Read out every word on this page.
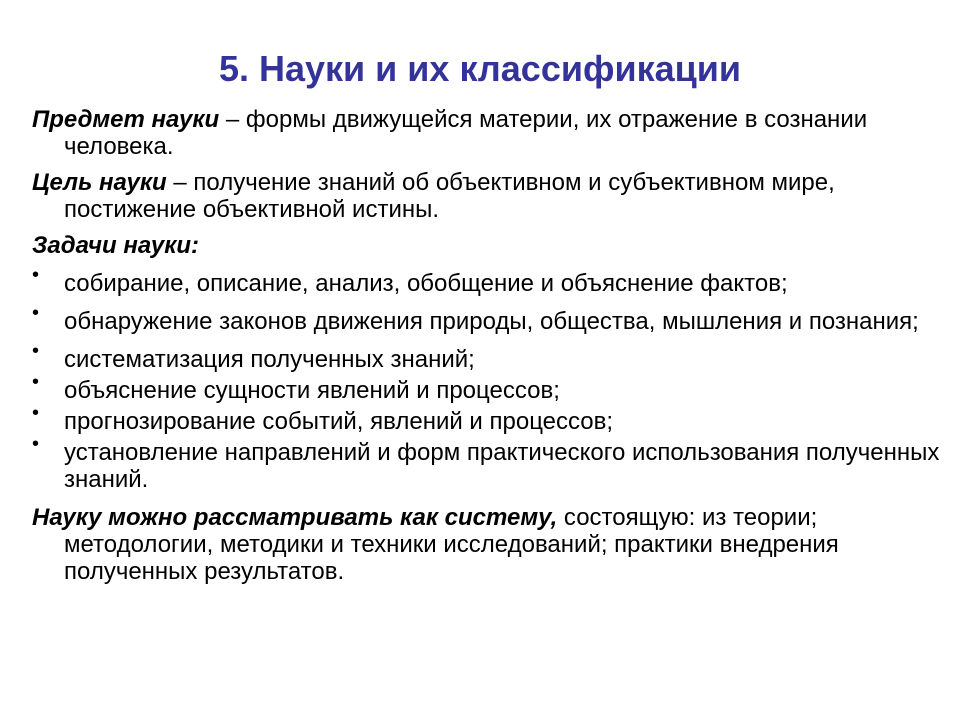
5. Науки и их классификации

Предмет науки – формы движущейся материи, их отражение в сознании человека.

Цель науки – получение знаний об объективном и субъективном мире, постижение объективной истины.

Задачи науки:

• собирание, описание, анализ, обобщение и объяснение фактов;
• обнаружение законов движения природы, общества, мышления и познания;
• систематизация полученных знаний;
• объяснение сущности явлений и процессов;
• прогнозирование событий, явлений и процессов;
• установление направлений и форм практического использования полученных знаний.

Науку можно рассматривать как систему, состоящую: из теории; методологии, методики и техники исследований; практики внедрения полученных результатов.
